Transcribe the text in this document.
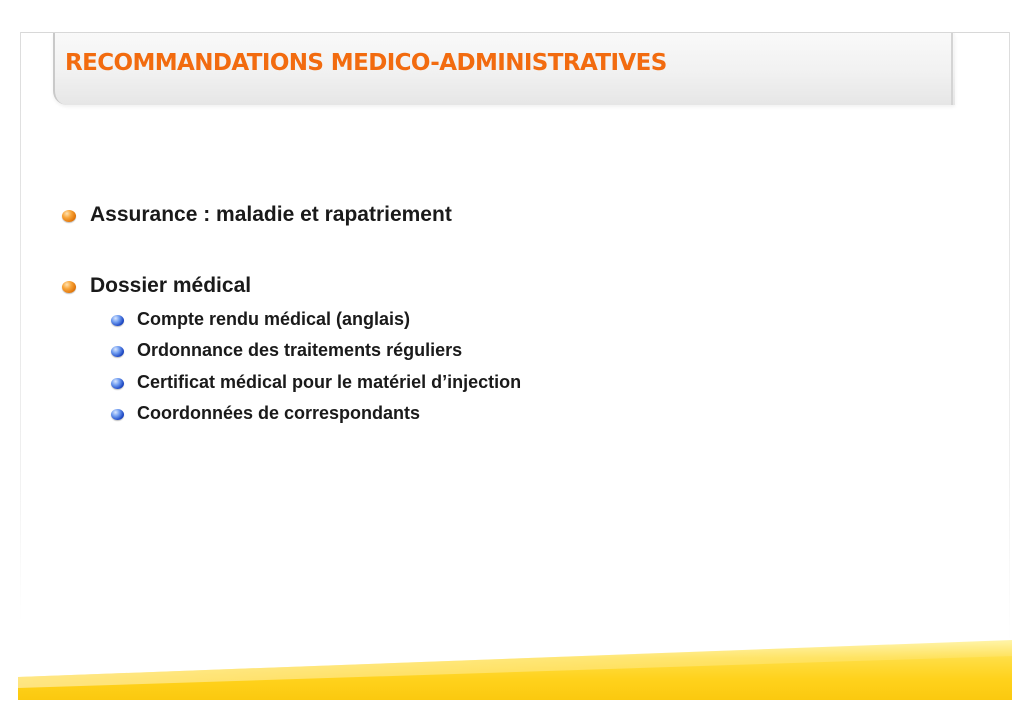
RECOMMANDATIONS MEDICO-ADMINISTRATIVES
Assurance : maladie et rapatriement
Dossier médical
Compte rendu médical (anglais)
Ordonnance des traitements réguliers
Certificat médical pour le matériel d’injection
Coordonnées de correspondants
